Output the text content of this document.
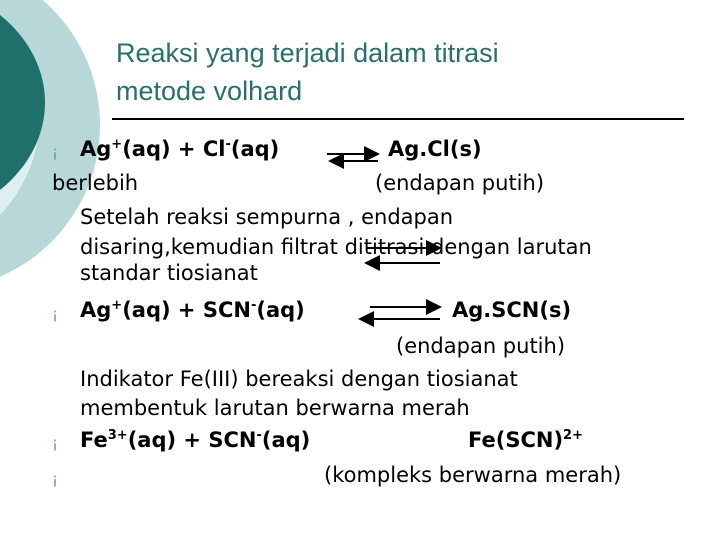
Reaksi yang terjadi dalam titrasi
metode volhard
¡ Ag+(aq) + Cl-(aq)	Ag.Cl(s)
berlebih	(endapan putih)
Setelah reaksi sempurna , endapan
disaring,kemudian filtrat dititrasi dengan larutan
standar tiosianat
¡ Ag+(aq) + SCN-(aq)	Ag.SCN(s)
(endapan putih)
Indikator Fe(III) bereaksi dengan tiosianat
membentuk larutan berwarna merah
¡ $Fe^{3+}(aq) + SCN^-(aq)$	Fe(SCN)$^{2+}$
¡	(kompleks berwarna merah)
